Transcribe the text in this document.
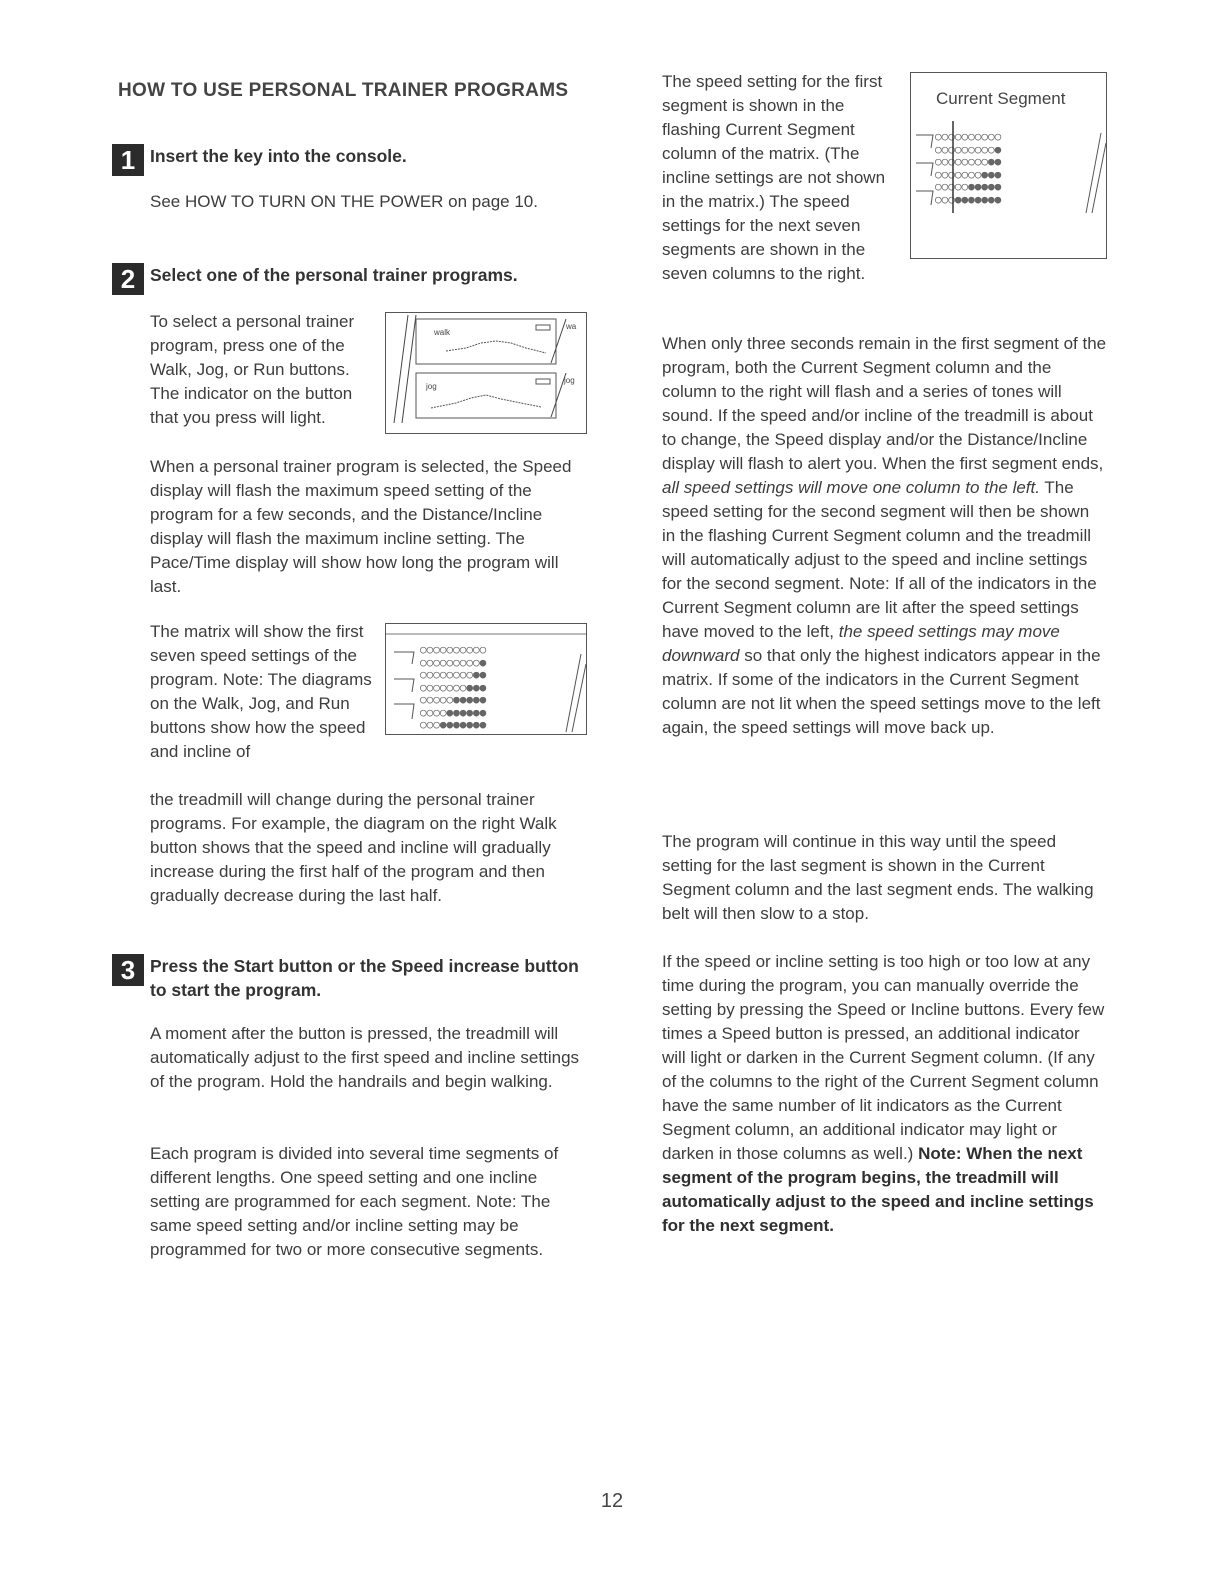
HOW TO USE PERSONAL TRAINER PROGRAMS
1 Insert the key into the console.

See HOW TO TURN ON THE POWER on page 10.

2 Select one of the personal trainer programs.

To select a personal trainer program, press one of the Walk, Jog, or Run buttons. The indicator on the button that you press will light.

walk
jog
jog
wa

When a personal trainer program is selected, the Speed display will flash the maximum speed setting of the program for a few seconds, and the Distance/Incline display will flash the maximum incline setting. The Pace/Time display will show how long the program will last.

The matrix will show the first seven speed settings of the program. Note: The diagrams on the Walk, Jog, and Run buttons show how the speed and incline of

○○○○○○○○○○
○○○○○○○○○●
○○○○○○○○●●
○○○○○○○●●●
○○○○○●●●●●
○○○○●●●●●●
○○○●●●●●●●

the treadmill will change during the personal trainer programs. For example, the diagram on the right Walk button shows that the speed and incline will gradually increase during the first half of the program and then gradually decrease during the last half.

3 Press the Start button or the Speed increase button to start the program.

A moment after the button is pressed, the treadmill will automatically adjust to the first speed and incline settings of the program. Hold the handrails and begin walking.

Each program is divided into several time segments of different lengths. One speed setting and one incline setting are programmed for each segment. Note: The same speed setting and/or incline setting may be programmed for two or more consecutive segments.

The speed setting for the first segment is shown in the flashing Current Segment column of the matrix. (The incline settings are not shown in the matrix.) The speed settings for the next seven segments are shown in the seven columns to the right.

Current Segment
○○○○○○○○○○
○○○○○○○○○●
○○○○○○○○●●
○○○○○○○●●●
○○○○○●●●●●
○○○●●●●●●●

When only three seconds remain in the first segment of the program, both the Current Segment column and the column to the right will flash and a series of tones will sound. If the speed and/or incline of the treadmill is about to change, the Speed display and/or the Distance/Incline display will flash to alert you. When the first segment ends, all speed settings will move one column to the left. The speed setting for the second segment will then be shown in the flashing Current Segment column and the treadmill will automatically adjust to the speed and incline settings for the second segment. Note: If all of the indicators in the Current Segment column are lit after the speed settings have moved to the left, the speed settings may move downward so that only the highest indicators appear in the matrix. If some of the indicators in the Current Segment column are not lit when the speed settings move to the left again, the speed settings will move back up.

The program will continue in this way until the speed setting for the last segment is shown in the Current Segment column and the last segment ends. The walking belt will then slow to a stop.

If the speed or incline setting is too high or too low at any time during the program, you can manually override the setting by pressing the Speed or Incline buttons. Every few times a Speed button is pressed, an additional indicator will light or darken in the Current Segment column. (If any of the columns to the right of the Current Segment column have the same number of lit indicators as the Current Segment column, an additional indicator may light or darken in those columns as well.) Note: When the next segment of the program begins, the treadmill will automatically adjust to the speed and incline settings for the next segment.

12
